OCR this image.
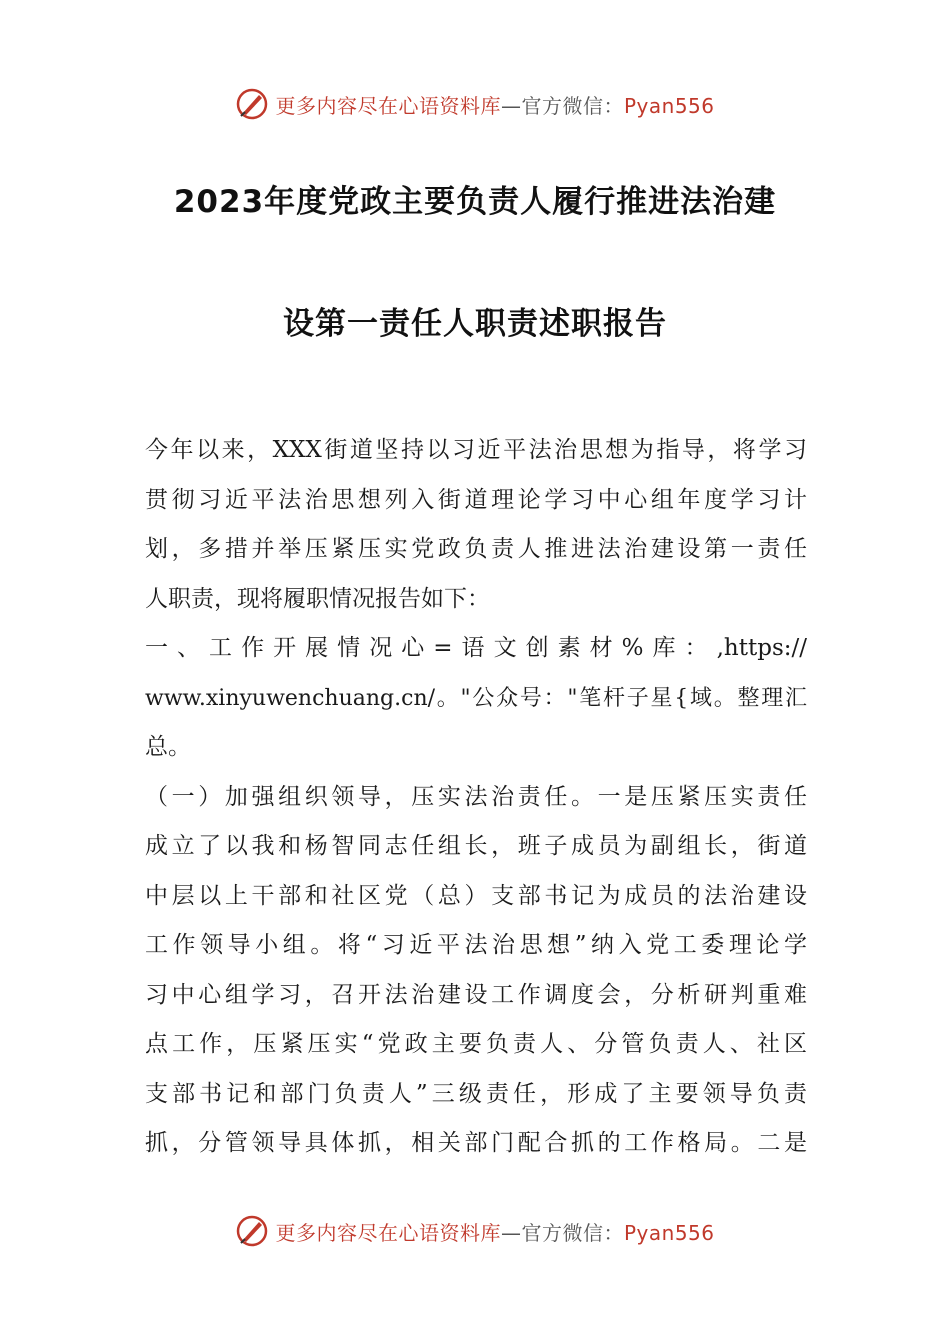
更多内容尽在心语资料库—官方微信：Pyan556
2023年度党政主要负责人履行推进法治建
设第一责任人职责述职报告
今年以来，XXX街道坚持以习近平法治思想为指导，将学习
贯彻习近平法治思想列入街道理论学习中心组年度学习计
划，多措并举压紧压实党政负责人推进法治建设第一责任
人职责，现将履职情况报告如下：
一、工作开展情况心=语文创素材%库：,https://
www.xinyuwenchuang.cn/。"公众号："笔杆子星{域。整理汇
总。
（一）加强组织领导，压实法治责任。一是压紧压实责任
成立了以我和杨智同志任组长，班子成员为副组长，街道
中层以上干部和社区党（总）支部书记为成员的法治建设
工作领导小组。将“习近平法治思想”纳入党工委理论学
习中心组学习，召开法治建设工作调度会，分析研判重难
点工作，压紧压实“党政主要负责人、分管负责人、社区
支部书记和部门负责人”三级责任，形成了主要领导负责
抓，分管领导具体抓，相关部门配合抓的工作格局。二是
更多内容尽在心语资料库—官方微信：Pyan556
